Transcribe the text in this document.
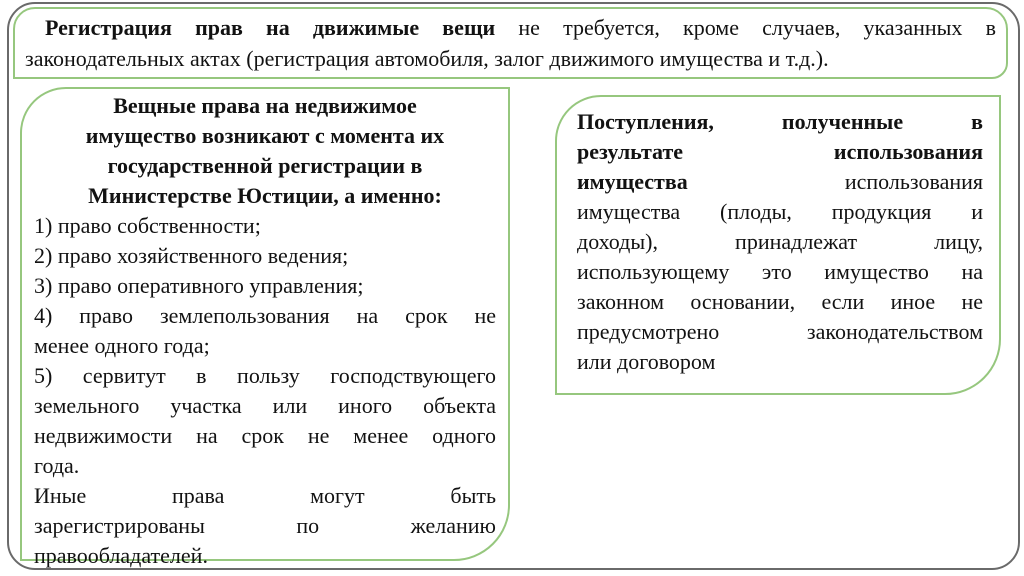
Регистрация прав на движимые вещи не требуется, кроме случаев, указанных в
законодательных актах (регистрация автомобиля, залог движимого имущества и т.д.).
Вещные права на недвижимое
имущество возникают с момента их
государственной регистрации в
Министерстве Юстиции, а именно:
1) право собственности;
2) право хозяйственного ведения;
3) право оперативного управления;
4) право землепользования на срок не
менее одного года;
5) сервитут в пользу господствующего
земельного участка или иного объекта
недвижимости на срок не менее одного
года.
Иные права могут быть
зарегистрированы по желанию
правообладателей.
Поступления, полученные в
результате использования
имущества	использования
имущества (плоды, продукция и
доходы), принадлежат лицу,
использующему это имущество на
законном основании, если иное не
предусмотрено законодательством
или договором
